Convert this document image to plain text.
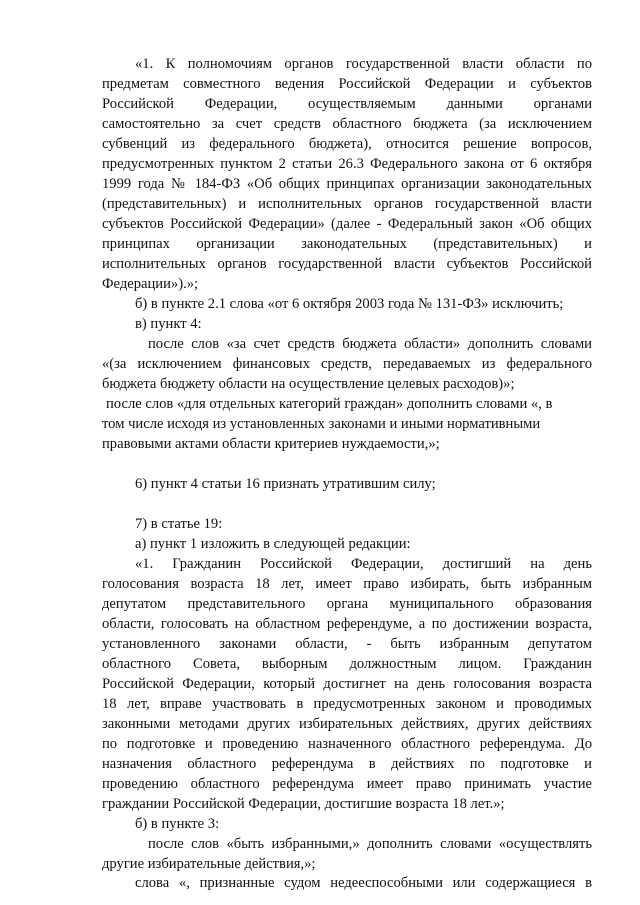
«1. К полномочиям органов государственной власти области по
предметам совместного ведения Российской Федерации и субъектов
Российской Федерации, осуществляемым данными органами
самостоятельно за счет средств областного бюджета (за исключением
субвенций из федерального бюджета), относится решение вопросов,
предусмотренных пунктом 2 статьи 26.3 Федерального закона от 6 октября
1999 года № 184-ФЗ «Об общих принципах организации законодательных
(представительных) и исполнительных органов государственной власти
субъектов Российской Федерации» (далее - Федеральный закон «Об общих
принципах организации законодательных (представительных) и
исполнительных органов государственной власти субъектов Российской
Федерации»).»;
б) в пункте 2.1 слова «от 6 октября 2003 года № 131-ФЗ» исключить;
в) пункт 4:
после слов «за счет средств бюджета области» дополнить словами
«(за исключением финансовых средств, передаваемых из федерального
бюджета бюджету области на осуществление целевых расходов)»;
после слов «для отдельных категорий граждан» дополнить словами «, в
том числе исходя из установленных законами и иными нормативными
правовыми актами области критериев нуждаемости,»;
6) пункт 4 статьи 16 признать утратившим силу;
7) в статье 19:
а) пункт 1 изложить в следующей редакции:
«1. Гражданин Российской Федерации, достигший на день
голосования возраста 18 лет, имеет право избирать, быть избранным
депутатом представительного органа муниципального образования
области, голосовать на областном референдуме, а по достижении возраста,
установленного законами области, - быть избранным депутатом
областного Совета, выборным должностным лицом. Гражданин
Российской Федерации, который достигнет на день голосования возраста
18 лет, вправе участвовать в предусмотренных законом и проводимых
законными методами других избирательных действиях, других действиях
по подготовке и проведению назначенного областного референдума. До
назначения областного референдума в действиях по подготовке и
проведению областного референдума имеет право принимать участие
граждании Российской Федерации, достигшие возраста 18 лет.»;
б) в пункте 3:
после слов «быть избранными,» дополнить словами «осуществлять
другие избирательные действия,»;
слова «, признанные судом недееспособными или содержащиеся в
